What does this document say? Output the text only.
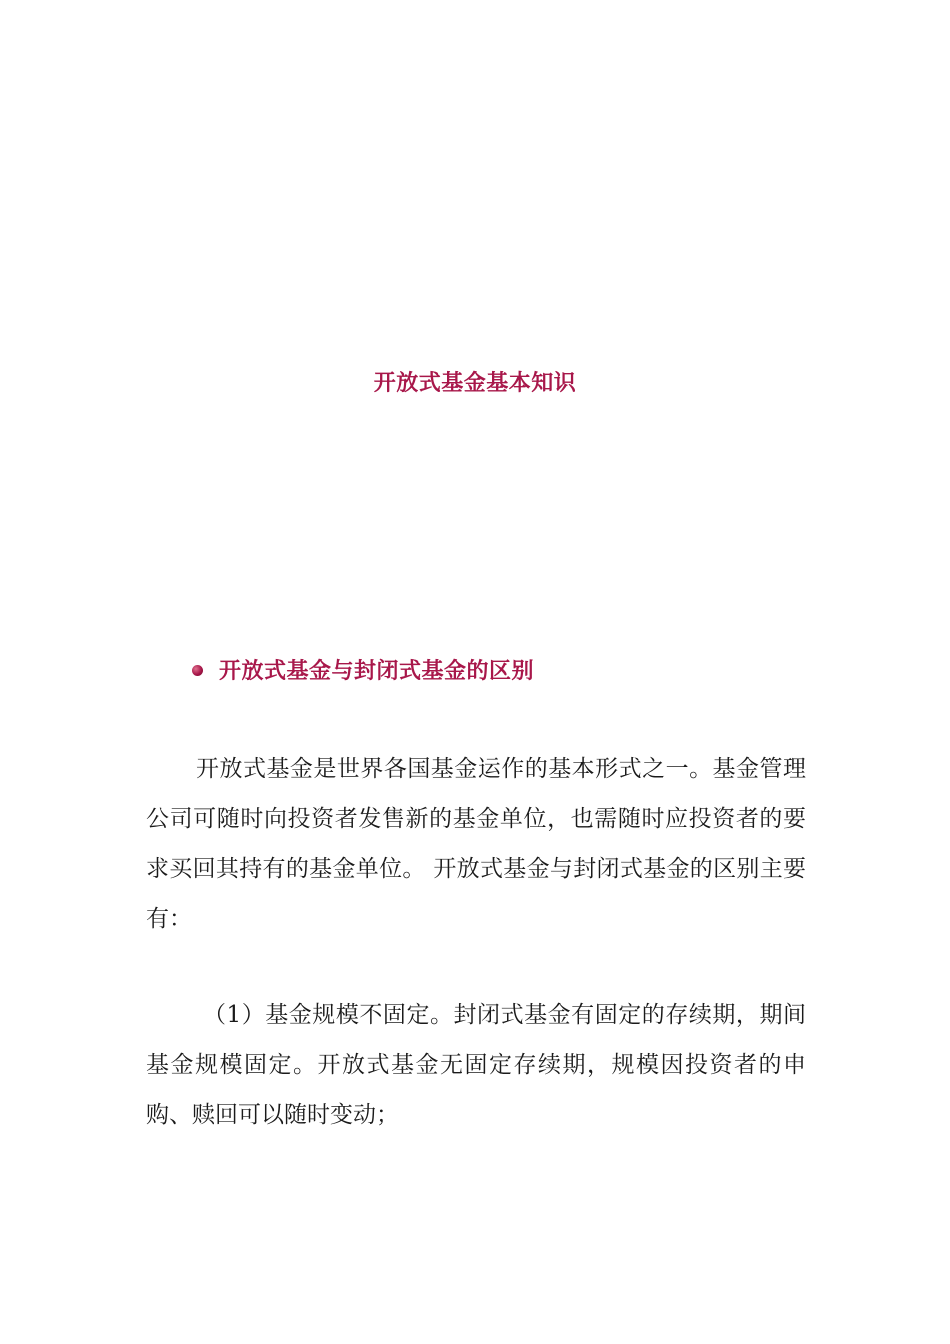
开放式基金基本知识
开放式基金与封闭式基金的区别

开放式基金是世界各国基金运作的基本形式之一。基金管理公司可随时向投资者发售新的基金单位，也需随时应投资者的要求买回其持有的基金单位。 开放式基金与封闭式基金的区别主要有：

（1）基金规模不固定。封闭式基金有固定的存续期，期间基金规模固定。开放式基金无固定存续期，规模因投资者的申购、赎回可以随时变动；
